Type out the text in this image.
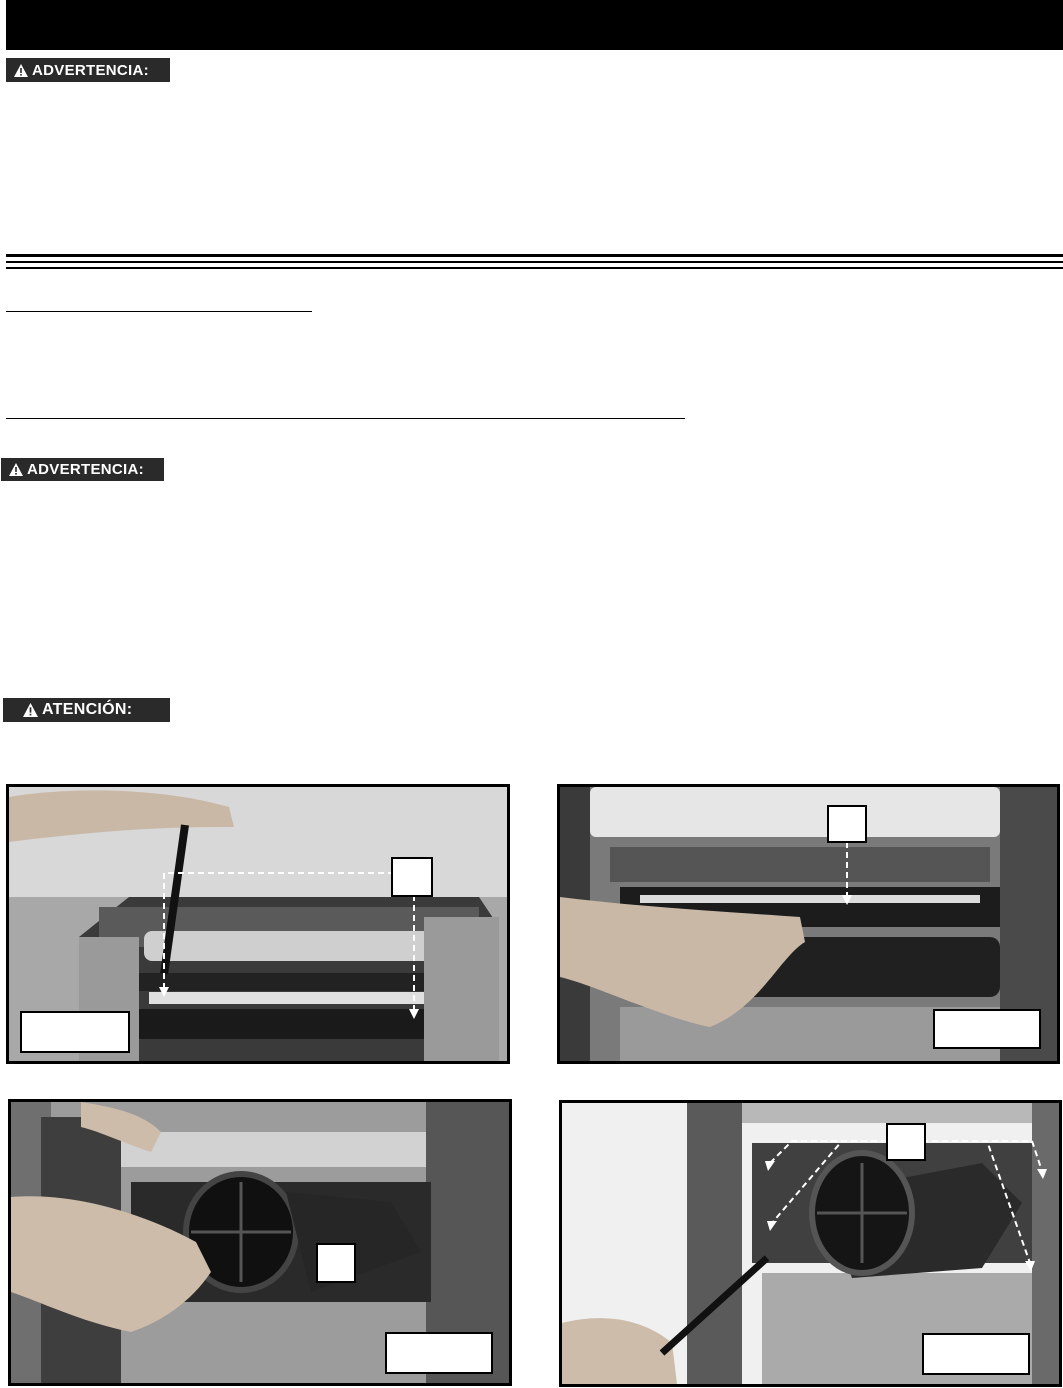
ADVERTENCIA:
ADVERTENCIA:
ATENCIÓN:
